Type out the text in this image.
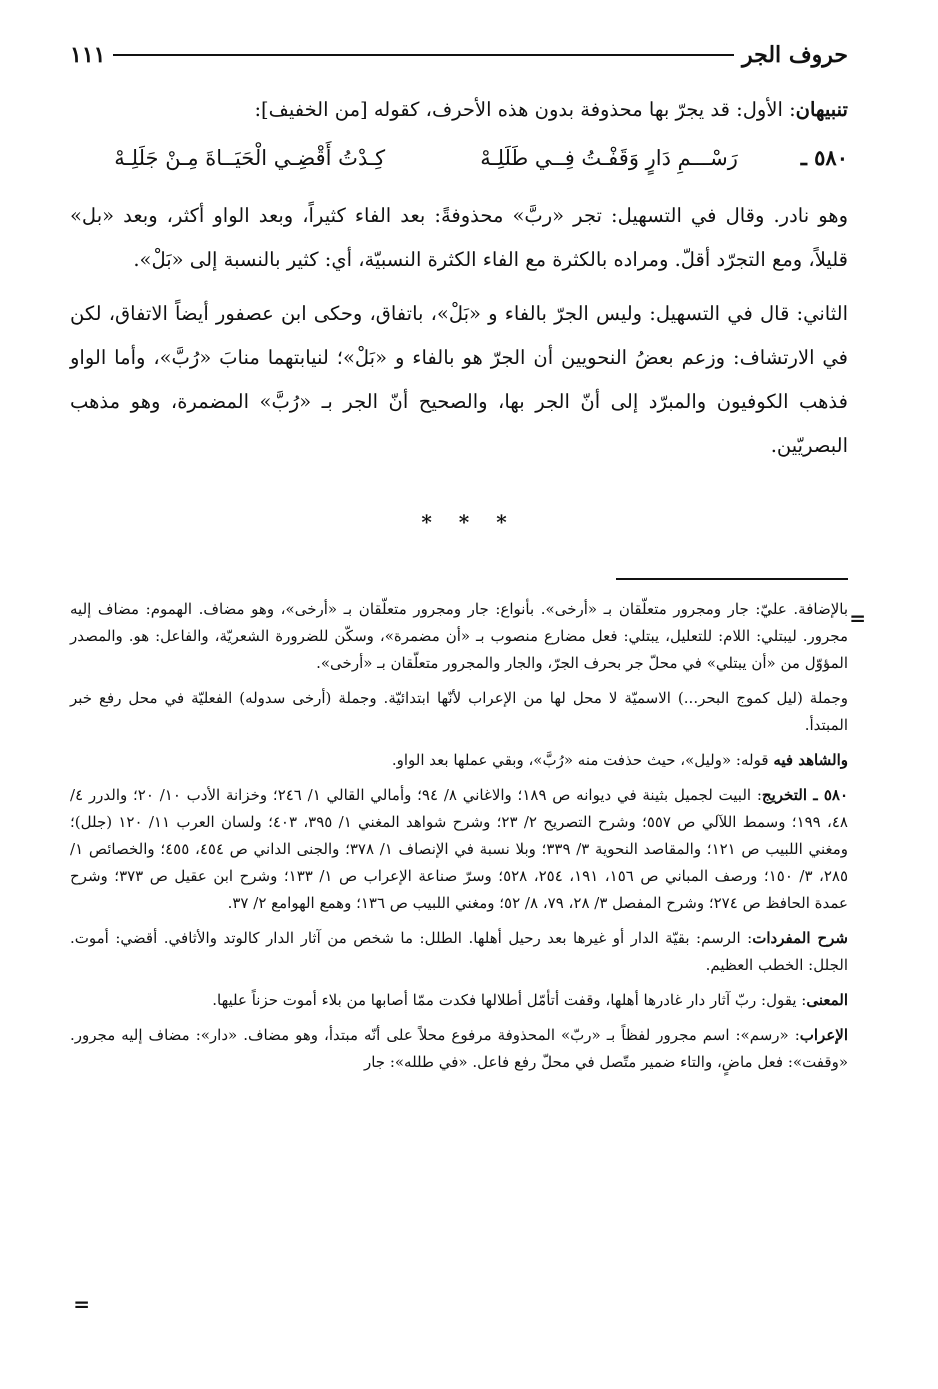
حروف الجر
١١١

تنبيهان: الأول: قد يجرّ بها محذوفة بدون هذه الأحرف، كقوله [من الخفيف]:

٥٨٠ ـ
رَسْـــمِ دَارٍ وَقَفْـتُ فِــي طَلَلِـهْ
كِـدْتُ أَقْضِـي الْحَيَــاةَ مِـنْ جَلَلِـهْ

وهو نادر. وقال في التسهيل: تجر «ربَّ» محذوفةً: بعد الفاء كثيراً، وبعد الواو أكثر، وبعد «بل» قليلاً، ومع التجرّد أقلّ. ومراده بالكثرة مع الفاء الكثرة النسبيّة، أي: كثير بالنسبة إلى «بَلْ».

الثاني: قال في التسهيل: وليس الجرّ بالفاء و «بَلْ»، باتفاق، وحكى ابن عصفور أيضاً الاتفاق، لكن في الارتشاف: وزعم بعضُ النحويين أن الجرّ هو بالفاء و «بَلْ»؛ لنيابتهما منابَ «رُبَّ»، وأما الواو فذهب الكوفيون والمبرّد إلى أنّ الجر بها، والصحيح أنّ الجر بـ «رُبَّ» المضمرة، وهو مذهب البصريّين.

* * *
=

بالإضافة. عليّ: جار ومجرور متعلّقان بـ «أرخى». بأنواع: جار ومجرور متعلّقان بـ «أرخى»، وهو مضاف. الهموم: مضاف إليه مجرور. ليبتلي: اللام: للتعليل، يبتلي: فعل مضارع منصوب بـ «أن مضمرة»، وسكّن للضرورة الشعريّة، والفاعل: هو. والمصدر المؤوّل من «أن يبتلي» في محلّ جر بحرف الجرّ، والجار والمجرور متعلّقان بـ «أرخى».

وجملة (ليل كموج البحر...) الاسميّة لا محل لها من الإعراب لأنّها ابتدائيّة. وجملة (أرخى سدوله) الفعليّة في محل رفع خبر المبتدأ.

والشاهد فيه قوله: «وليل»، حيث حذفت منه «رُبَّ»، وبقي عملها بعد الواو.

٥٨٠ ـ التخريج: البيت لجميل بثينة في ديوانه ص ١٨٩؛ والاغاني ٨/ ٩٤؛ وأمالي القالي ١/ ٢٤٦؛ وخزانة الأدب ١٠/ ٢٠؛ والدرر ٤/ ٤٨، ١٩٩؛ وسمط اللآلي ص ٥٥٧؛ وشرح التصريح ٢/ ٢٣؛ وشرح شواهد المغني ١/ ٣٩٥، ٤٠٣؛ ولسان العرب ١١/ ١٢٠ (جلل)؛ ومغني اللبيب ص ١٢١؛ والمقاصد النحوية ٣/ ٣٣٩؛ وبلا نسبة في الإنصاف ١/ ٣٧٨؛ والجنى الداني ص ٤٥٤، ٤٥٥؛ والخصائص ١/ ٢٨٥، ٣/ ١٥٠؛ ورصف المباني ص ١٥٦، ١٩١، ٢٥٤، ٥٢٨؛ وسرّ صناعة الإعراب ص ١/ ١٣٣؛ وشرح ابن عقيل ص ٣٧٣؛ وشرح عمدة الحافظ ص ٢٧٤؛ وشرح المفصل ٣/ ٢٨، ٧٩، ٨/ ٥٢؛ ومغني اللبيب ص ١٣٦؛ وهمع الهوامع ٢/ ٣٧.

شرح المفردات: الرسم: بقيّة الدار أو غيرها بعد رحيل أهلها. الطلل: ما شخص من آثار الدار كالوتد والأثافي. أقضي: أموت. الجلل: الخطب العظيم.

المعنى: يقول: ربّ آثار دار غادرها أهلها، وقفت أتأمّل أطلالها فكدت ممّا أصابها من بلاء أموت حزناً عليها.

الإعراب: «رسم»: اسم مجرور لفظاً بـ «ربّ» المحذوفة مرفوع محلاً على أنّه مبتدأ، وهو مضاف. «دار»: مضاف إليه مجرور. «وقفت»: فعل ماضٍ، والتاء ضمير متّصل في محلّ رفع فاعل. «في طلله»: جار

=
